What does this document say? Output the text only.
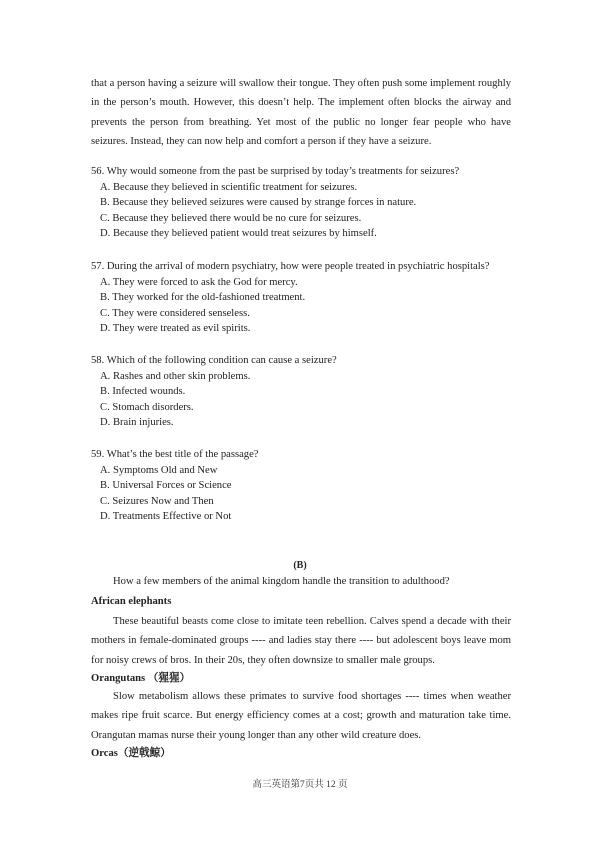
that a person having a seizure will swallow their tongue. They often push some implement roughly
in the person’s mouth. However, this doesn’t help. The implement often blocks the airway and
prevents the person from breathing. Yet most of the public no longer fear people who have
seizures. Instead, they can now help and comfort a person if they have a seizure.
56. Why would someone from the past be surprised by today’s treatments for seizures?
A. Because they believed in scientific treatment for seizures.
B. Because they believed seizures were caused by strange forces in nature.
C. Because they believed there would be no cure for seizures.
D. Because they believed patient would treat seizures by himself.
57. During the arrival of modern psychiatry, how were people treated in psychiatric hospitals?
A. They were forced to ask the God for mercy.
B. They worked for the old-fashioned treatment.
C. They were considered senseless.
D. They were treated as evil spirits.
58. Which of the following condition can cause a seizure?
A. Rashes and other skin problems.
B. Infected wounds.
C. Stomach disorders.
D. Brain injuries.
59. What’s the best title of the passage?
A. Symptoms Old and New
B. Universal Forces or Science
C. Seizures Now and Then
D. Treatments Effective or Not
(B)
How a few members of the animal kingdom handle the transition to adulthood?
African elephants
These beautiful beasts come close to imitate teen rebellion. Calves spend a decade with their
mothers in female-dominated groups ---- and ladies stay there ---- but adolescent boys leave mom
for noisy crews of bros. In their 20s, they often downsize to smaller male groups.
Orangutans （猩猩）
Slow metabolism allows these primates to survive food shortages ---- times when weather
makes ripe fruit scarce. But energy efficiency comes at a cost; growth and maturation take time.
Orangutan mamas nurse their young longer than any other wild creature does.
Orcas（逆戟鲸）
高三英语第7页共 12 页
